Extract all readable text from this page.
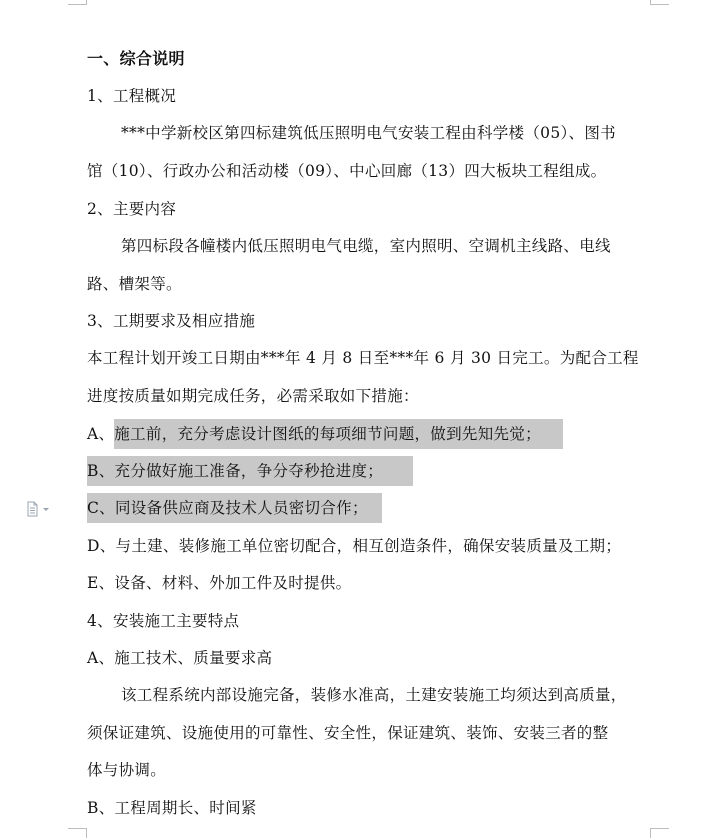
一、综合说明
1、工程概况
***中学新校区第四标建筑低压照明电气安装工程由科学楼（05）、图书
馆（10）、行政办公和活动楼（09）、中心回廊（13）四大板块工程组成。
2、主要内容
第四标段各幢楼内低压照明电气电缆，室内照明、空调机主线路、电线
路、槽架等。
3、工期要求及相应措施
本工程计划开竣工日期由***年 4 月 8 日至***年 6 月 30 日完工。为配合工程
进度按质量如期完成任务，必需采取如下措施：
A、施工前，充分考虑设计图纸的每项细节问题，做到先知先觉；
B、充分做好施工准备，争分夺秒抢进度；
C、同设备供应商及技术人员密切合作；
D、与土建、装修施工单位密切配合，相互创造条件，确保安装质量及工期；
E、设备、材料、外加工件及时提供。
4、安装施工主要特点
A、施工技术、质量要求高
该工程系统内部设施完备，装修水准高，土建安装施工均须达到高质量，
须保证建筑、设施使用的可靠性、安全性，保证建筑、装饰、安装三者的整
体与协调。
B、工程周期长、时间紧
